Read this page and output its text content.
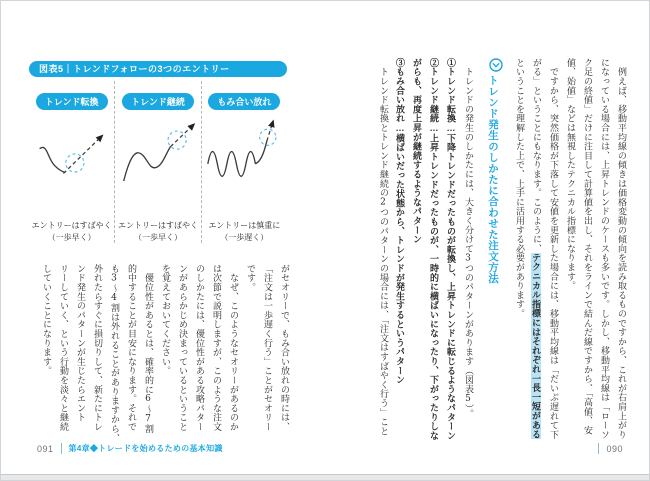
図表5｜トレンドフォローの3つのエントリー
トレンド転換
エントリーはすばやく
（一歩早く）
トレンド継続
エントリーはすばやく
（一歩早く）
もみ合い放れ
エントリーは慎重に
（一歩遅く）

がセオリーで、もみ合い放れの時には、

「注文は一歩遅く行う」ことがセオリー

です。

　なぜ、このようなセオリーがあるのか

は次節で説明しますが、このような注文

のしかたには、優位性がある攻略パター

ンがあらかじめ決まっているということ

を覚えておいてください。

　優位性があるとは、確率的に6〜7割

的中することが目安になります。それで

も3〜4割は外れることがありますから、

外れたらすぐに損切りして、新たにトレ

ンド発生のパターンが生じたらエント

リーしていく、という行動を淡々と継続

していくことになります。

091 第4章◆トレードを始めるための基本知識

　例えば、移動平均線の傾きは価格変動の傾向を読み取るものですから、これが右肩上がり

になっている場合には、上昇トレンドのケースも多いです。しかし、移動平均線は「ローソ

ク足の終値」だけに注目して計算値を出し、それをラインで結んだ線ですから、「高値、安

値、始値」などは無視したテクニカル指標になります。

　ですから、突然価格が下落して安値を更新した場合には、移動平均線は「だいぶ遅れて下

がる」ということにもなります。このように、テクニカル指標にはそれぞれ一長一短がある

ということを理解した上で、上手に活用する必要があります。

トレンド発生のしかたに合わせた注文方法

　トレンドの発生のしかたには、大きく分けて3つのパターンがあります（図表5）。

①トレンド転換…下降トレンドだったものが転換し、上昇トレンドに転じるようなパターン

②トレンド継続…上昇トレンドだったものが、一時的に横ばいになったり、下がったりしな

がらも、再度上昇が継続するようなパターン

③もみ合い放れ…横ばいだった状態から、トレンドが発生するというパターン

　トレンド転換とトレンド継続の2つのパターンの場合には、「注文はすばやく行う」こと

090
